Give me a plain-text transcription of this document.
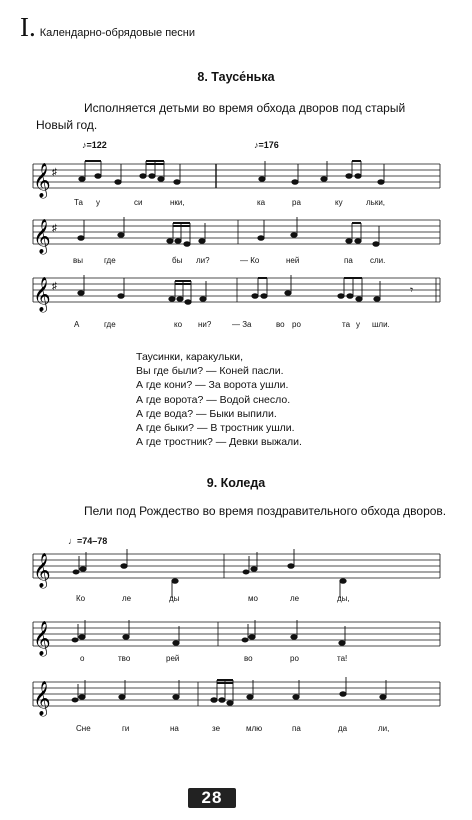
I. Календарно-обрядовые песни
8. Таусе́нька
Исполняется детьми во время обхода дворов под старый
Новый год.
♪=122	♪=176
𝄞 ♯
Та у	си	нки,	ка	ра	ку	льки,
𝄞 ♯
вы	где	бы ли?	— Ко	ней	па сли.
𝄞 ♯	𝄾
А	где	ко ни?	— За	во ро	та у шли.
Таусинки, каракульки,
Вы где были? — Коней пасли.
А где кони? — За ворота ушли.
А где ворота? — Водой снесло.
А где вода? — Быки выпили.
А где быки? — В тростник ушли.
А где тростник? — Девки выжали.
9. Коледа
Пели под Рождество во время поздравительного обхода дворов.
♩=74–78
𝄞
Ко	ле	ды	мо	ле	ды,
𝄞
о	тво	рей	во	ро	та!
𝄞
Сне	ги	на	зе	млю	па	да	ли,
28
